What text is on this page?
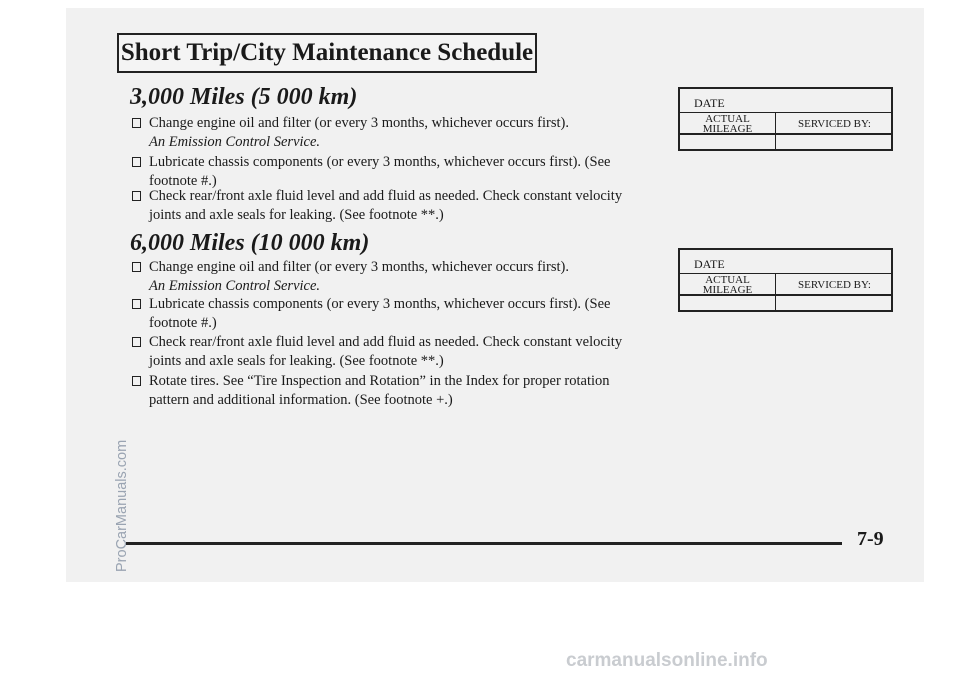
Short Trip/City Maintenance Schedule
3,000 Miles (5 000 km)
Change engine oil and filter (or every 3 months, whichever occurs first).
An Emission Control Service.
Lubricate chassis components (or every 3 months, whichever occurs first). (See footnote #.)
Check rear/front axle fluid level and add fluid as needed. Check constant velocity joints and axle seals for leaking. (See footnote **.)
6,000 Miles (10 000 km)
Change engine oil and filter (or every 3 months, whichever occurs first).
An Emission Control Service.
Lubricate chassis components (or every 3 months, whichever occurs first). (See footnote #.)
Check rear/front axle fluid level and add fluid as needed. Check constant velocity joints and axle seals for leaking. (See footnote **.)
Rotate tires. See “Tire Inspection and Rotation” in the Index for proper rotation pattern and additional information. (See footnote +.)
DATE
ACTUAL MILEAGE	SERVICED BY:
DATE
ACTUAL MILEAGE	SERVICED BY:
7-9
ProCarManuals.com
carmanualsonline.info
